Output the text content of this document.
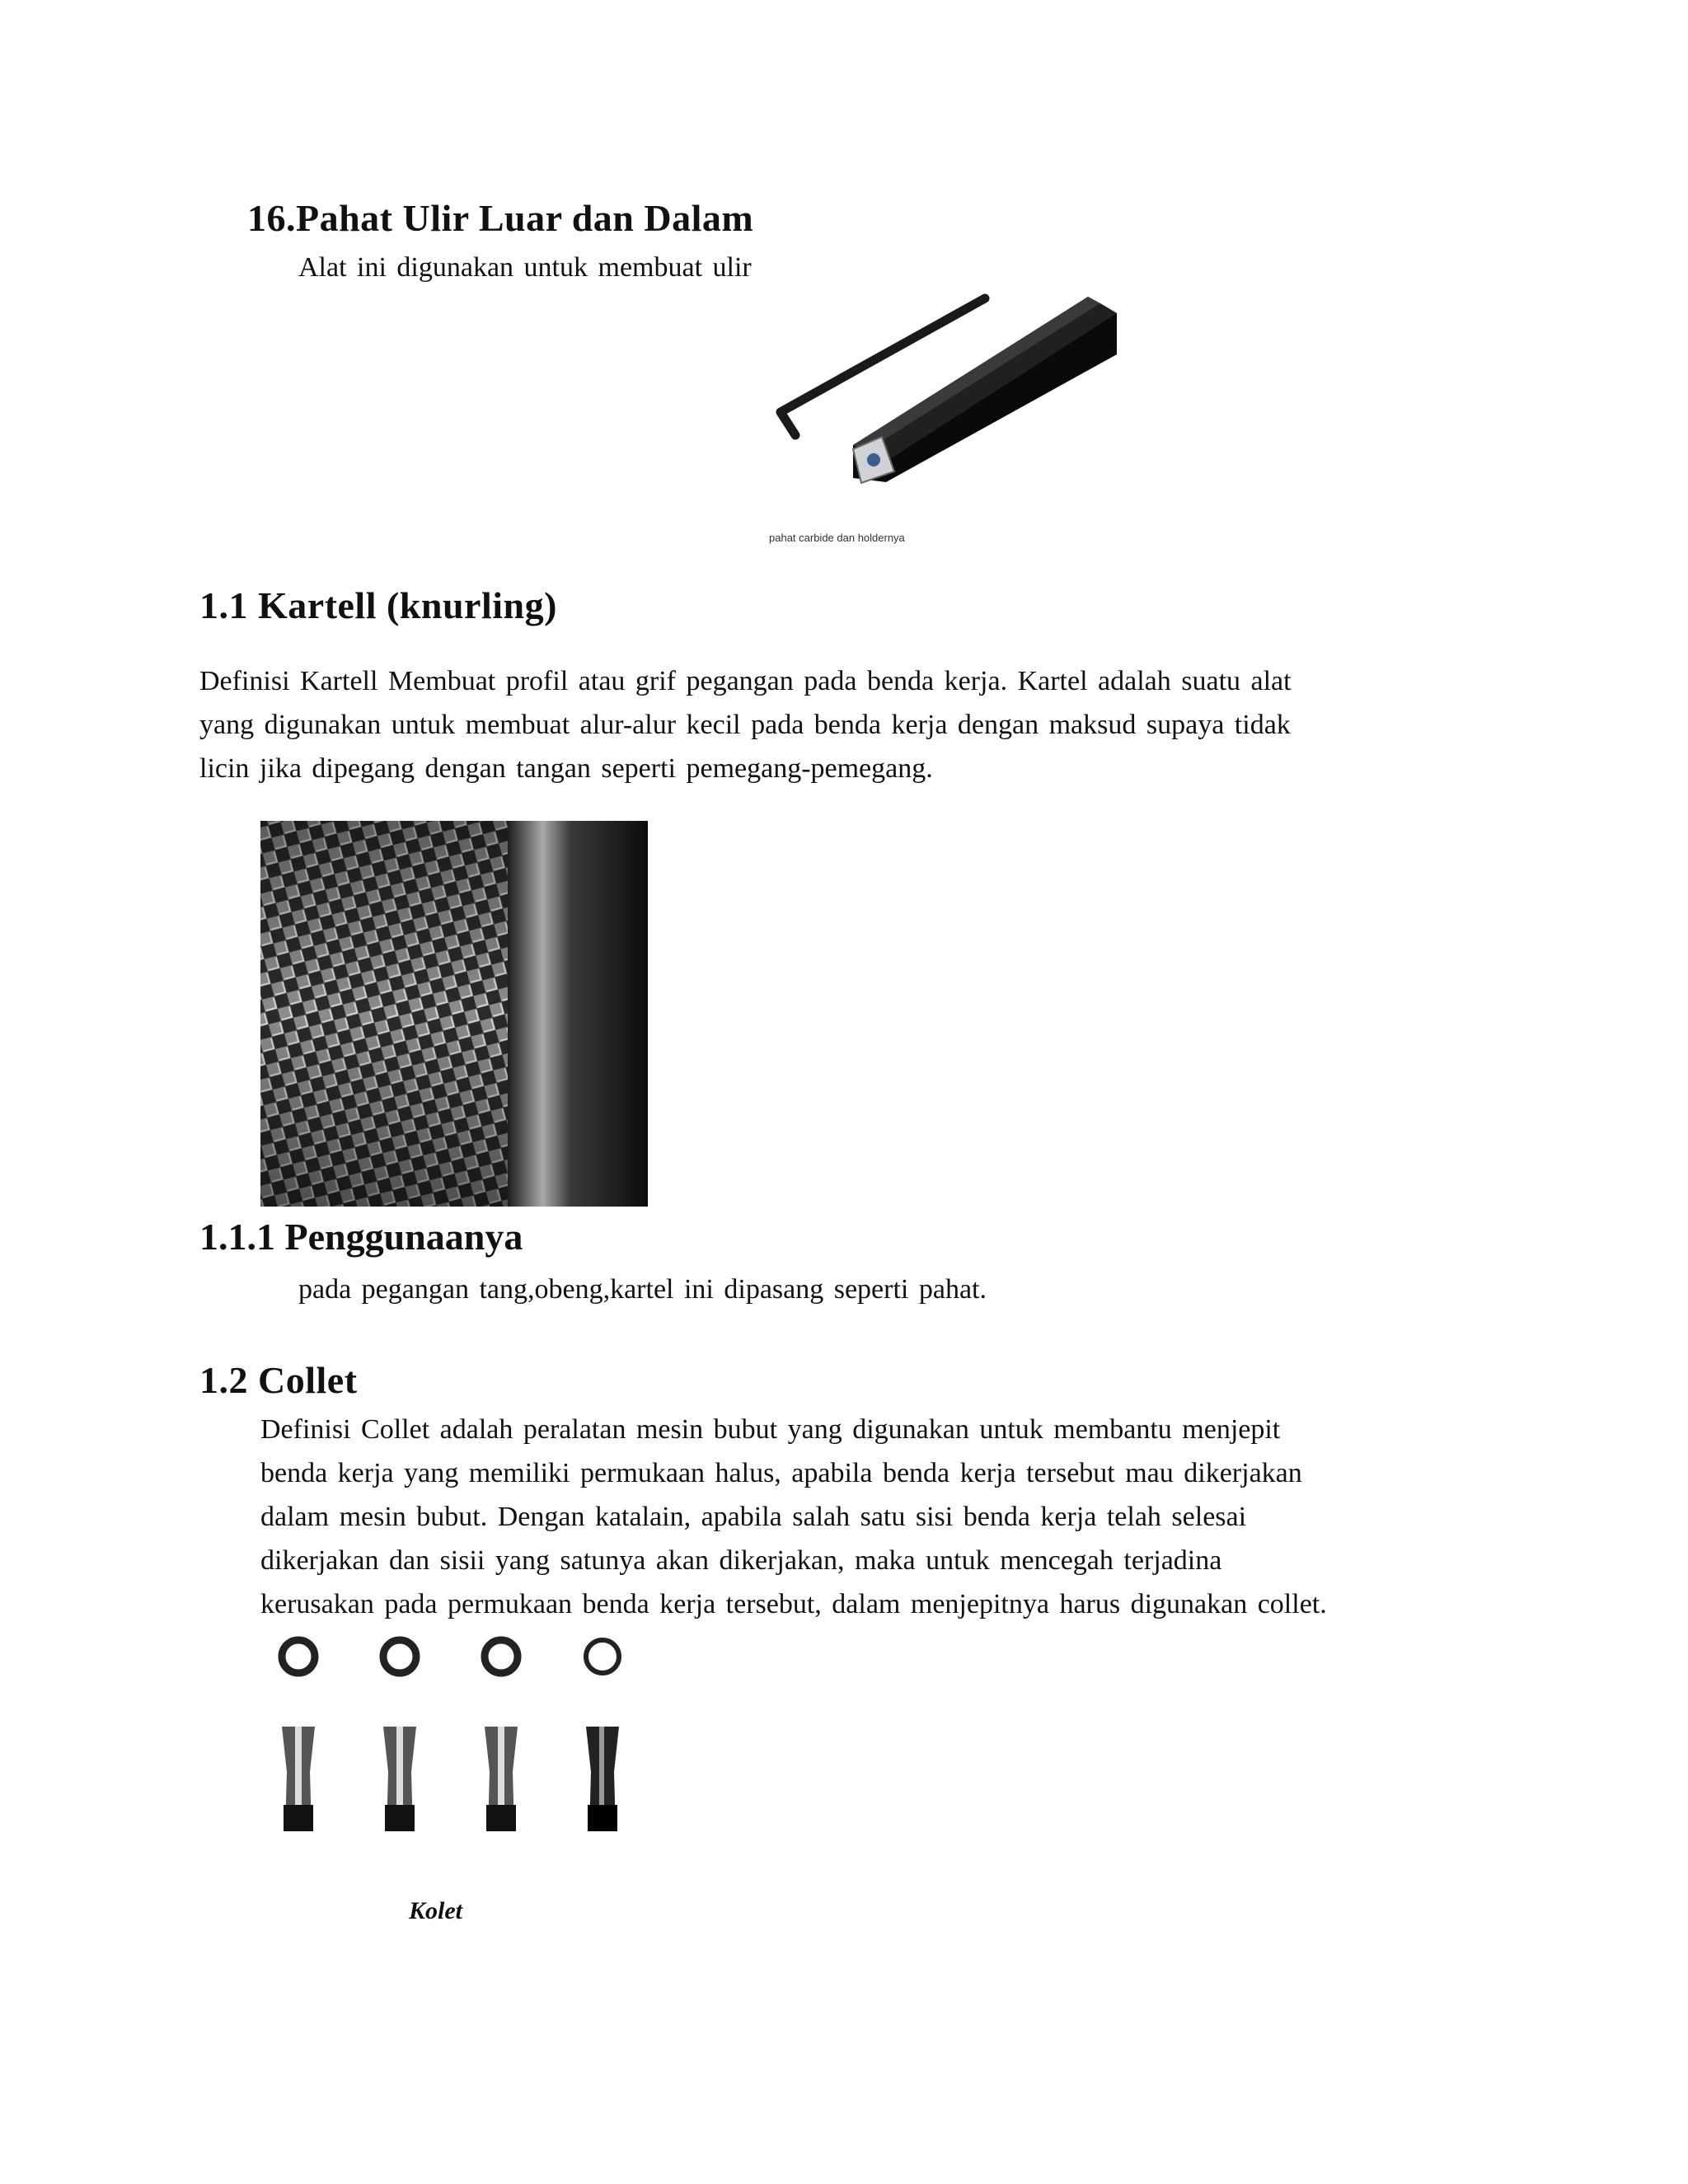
16.Pahat Ulir Luar dan Dalam
Alat ini digunakan untuk membuat ulir
pahat carbide dan holdernya
1.1 Kartell (knurling)
Definisi Kartell Membuat profil atau grif pegangan pada benda kerja. Kartel adalah suatu alat
yang digunakan untuk membuat alur-alur kecil pada benda kerja dengan maksud supaya tidak
licin jika dipegang dengan tangan seperti pemegang-pemegang.
1.1.1 Penggunaanya
pada pegangan tang,obeng,kartel ini dipasang seperti pahat.
1.2 Collet
Definisi Collet adalah peralatan mesin bubut yang digunakan untuk membantu menjepit
benda kerja yang memiliki permukaan halus, apabila benda kerja tersebut mau dikerjakan
dalam mesin bubut. Dengan katalain, apabila salah satu sisi benda kerja telah selesai
dikerjakan dan sisii yang satunya akan dikerjakan, maka untuk mencegah terjadina
kerusakan pada permukaan benda kerja tersebut, dalam menjepitnya harus digunakan collet.
Kolet
